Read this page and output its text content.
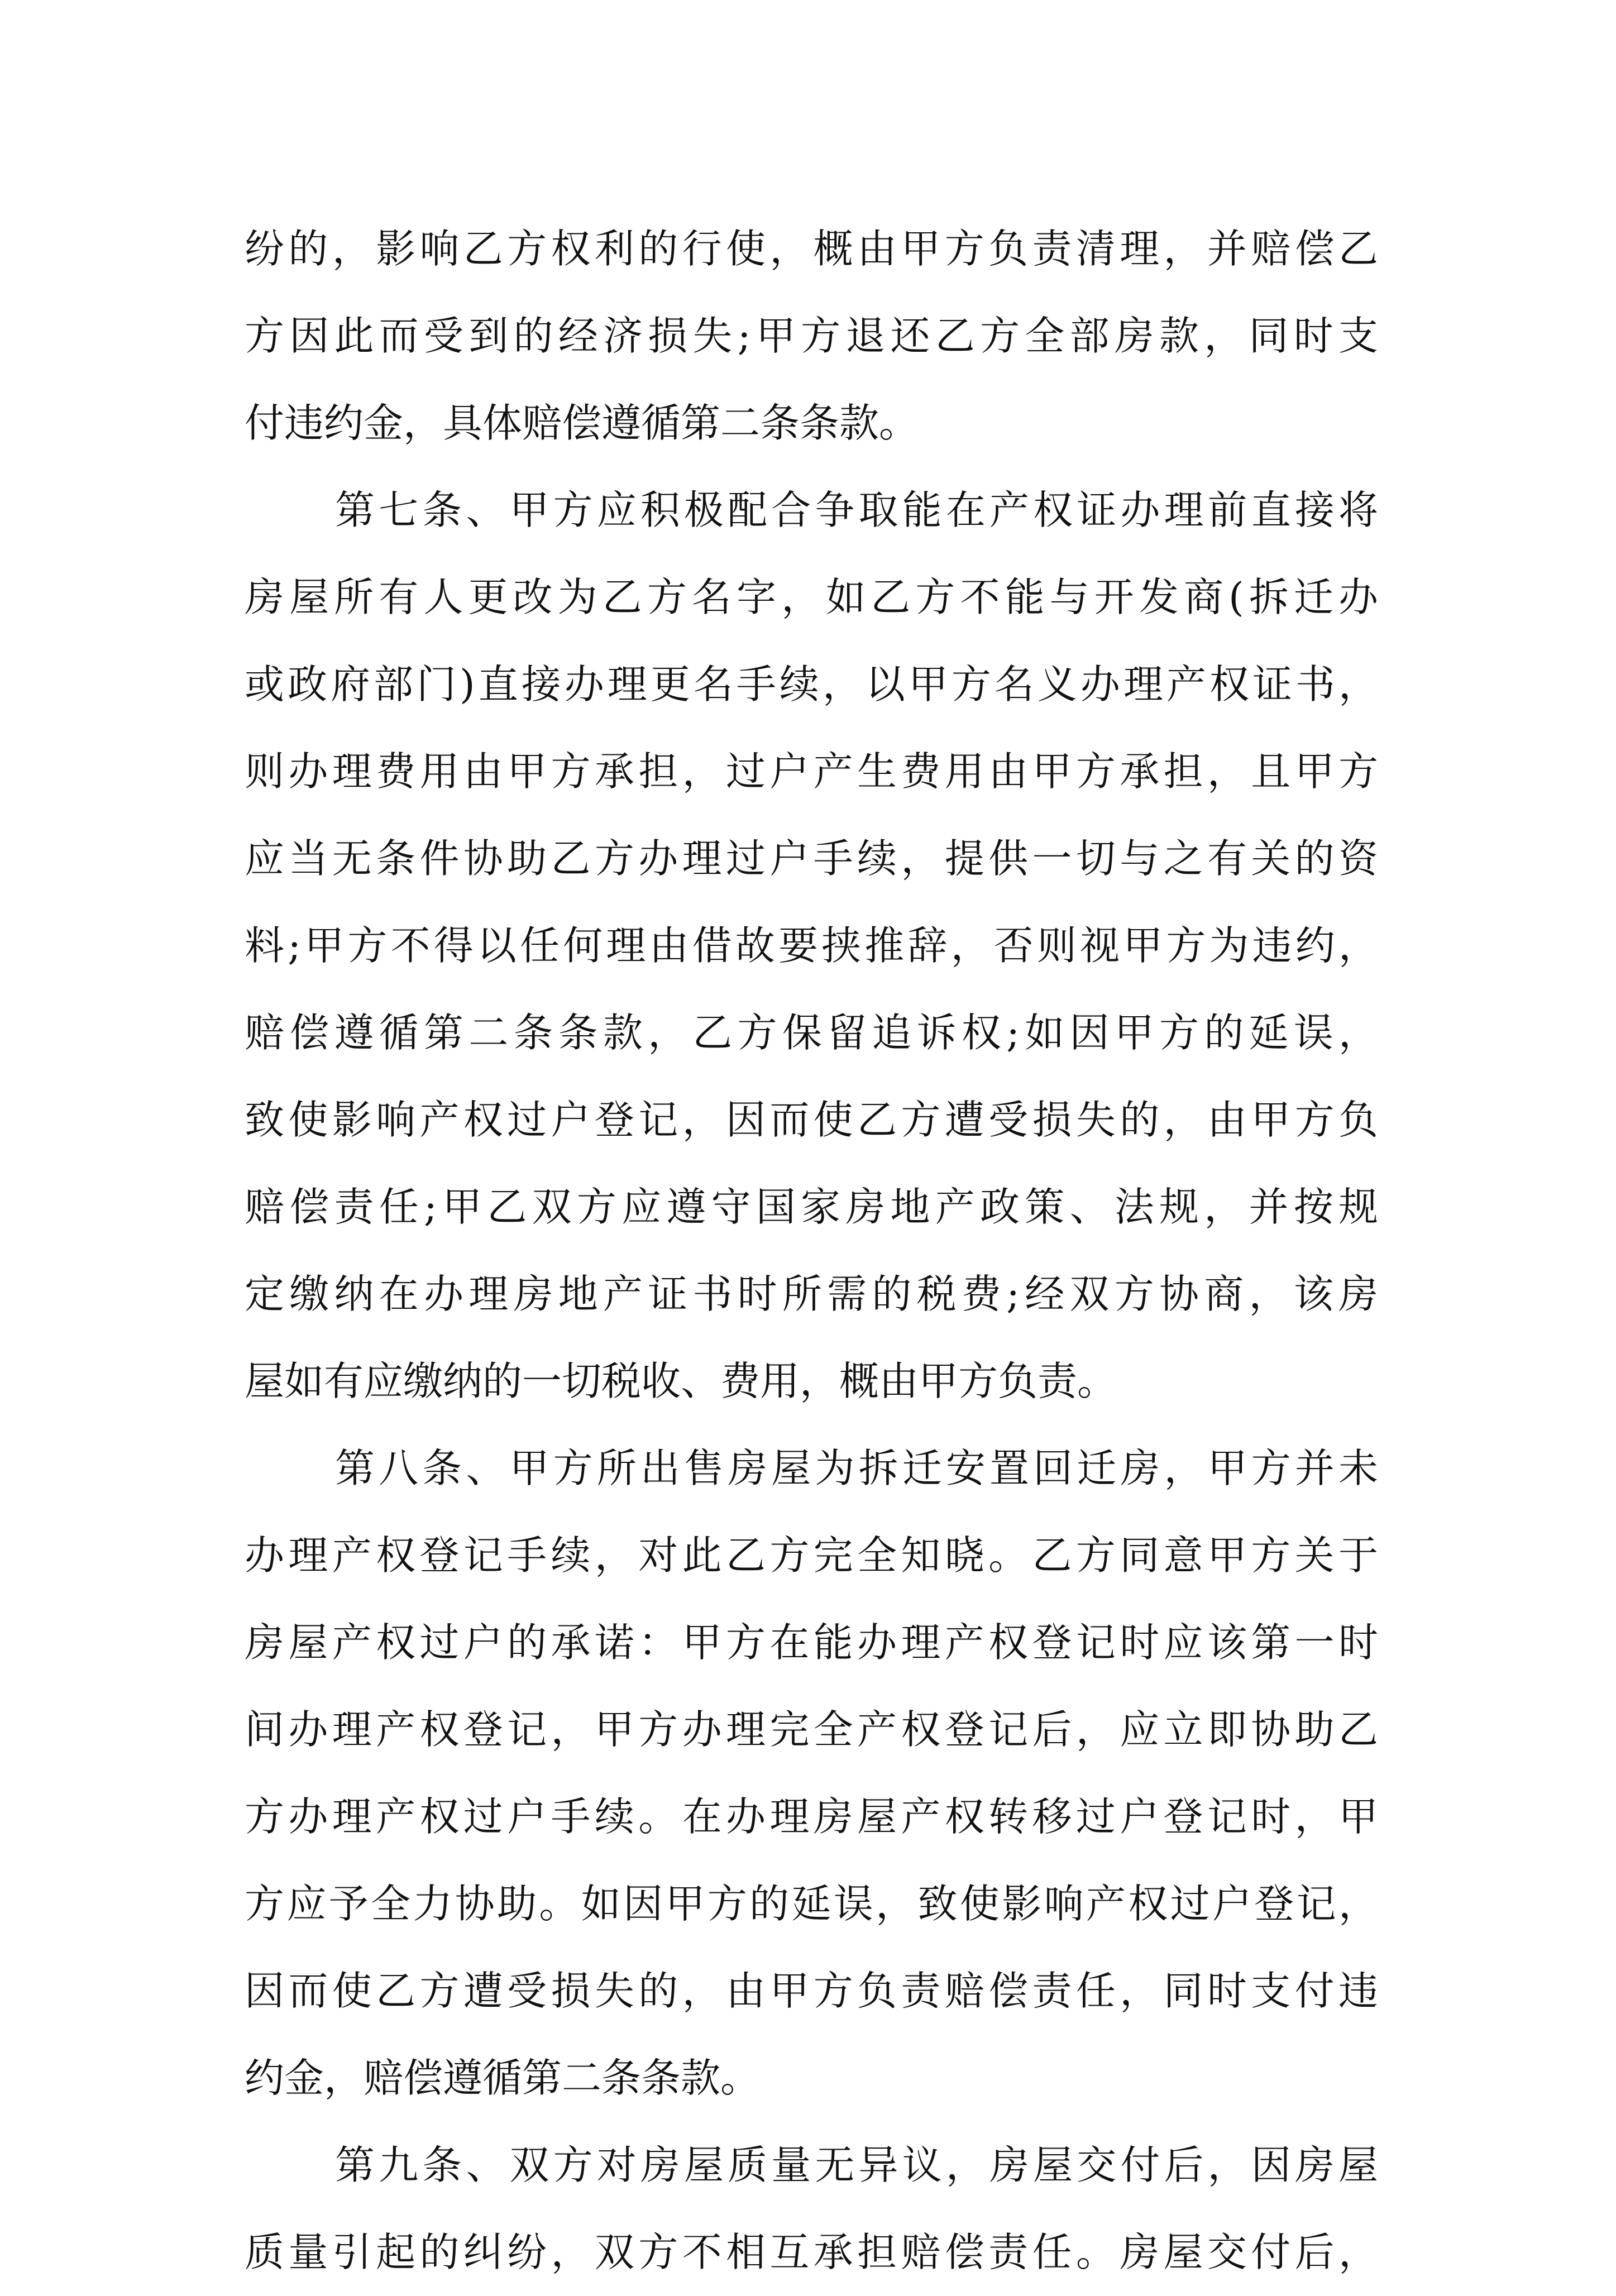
纷的，影响乙方权利的行使，概由甲方负责清理，并赔偿乙
方因此而受到的经济损失;甲方退还乙方全部房款，同时支
付违约金，具体赔偿遵循第二条条款。
第七条、甲方应积极配合争取能在产权证办理前直接将
房屋所有人更改为乙方名字，如乙方不能与开发商(拆迁办
或政府部门)直接办理更名手续，以甲方名义办理产权证书，
则办理费用由甲方承担，过户产生费用由甲方承担，且甲方
应当无条件协助乙方办理过户手续，提供一切与之有关的资
料;甲方不得以任何理由借故要挟推辞，否则视甲方为违约，
赔偿遵循第二条条款，乙方保留追诉权;如因甲方的延误，
致使影响产权过户登记，因而使乙方遭受损失的，由甲方负
赔偿责任;甲乙双方应遵守国家房地产政策、法规，并按规
定缴纳在办理房地产证书时所需的税费;经双方协商，该房
屋如有应缴纳的一切税收、费用，概由甲方负责。
第八条、甲方所出售房屋为拆迁安置回迁房，甲方并未
办理产权登记手续，对此乙方完全知晓。乙方同意甲方关于
房屋产权过户的承诺：甲方在能办理产权登记时应该第一时
间办理产权登记，甲方办理完全产权登记后，应立即协助乙
方办理产权过户手续。在办理房屋产权转移过户登记时，甲
方应予全力协助。如因甲方的延误，致使影响产权过户登记，
因而使乙方遭受损失的，由甲方负责赔偿责任，同时支付违
约金，赔偿遵循第二条条款。
第九条、双方对房屋质量无异议，房屋交付后，因房屋
质量引起的纠纷，双方不相互承担赔偿责任。房屋交付后，
